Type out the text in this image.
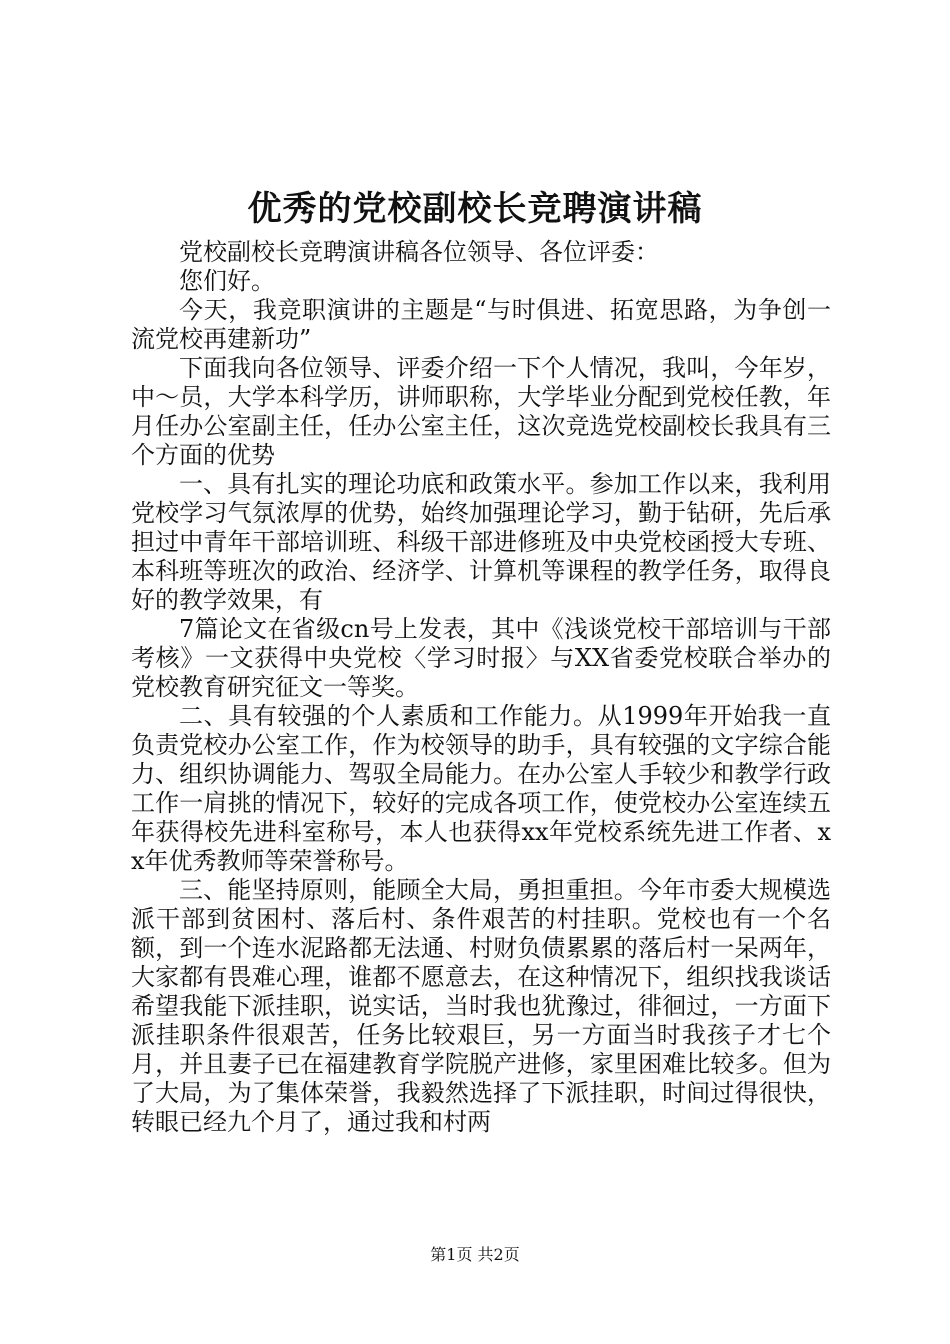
优秀的党校副校长竞聘演讲稿

党校副校长竞聘演讲稿各位领导、各位评委：

您们好。

今天，我竞职演讲的主题是“与时俱进、拓宽思路，为争创一流党校再建新功”

下面我向各位领导、评委介绍一下个人情况，我叫，今年岁，中～员，大学本科学历，讲师职称，大学毕业分配到党校任教，年月任办公室副主任，任办公室主任，这次竞选党校副校长我具有三个方面的优势

一、具有扎实的理论功底和政策水平。参加工作以来，我利用党校学习气氛浓厚的优势，始终加强理论学习，勤于钻研，先后承担过中青年干部培训班、科级干部进修班及中央党校函授大专班、本科班等班次的政治、经济学、计算机等课程的教学任务，取得良好的教学效果，有

7篇论文在省级cn号上发表，其中《浅谈党校干部培训与干部考核》一文获得中央党校〈学习时报〉与XX省委党校联合举办的党校教育研究征文一等奖。

二、具有较强的个人素质和工作能力。从1999年开始我一直负责党校办公室工作，作为校领导的助手，具有较强的文字综合能力、组织协调能力、驾驭全局能力。在办公室人手较少和教学行政工作一肩挑的情况下，较好的完成各项工作，使党校办公室连续五年获得校先进科室称号，本人也获得xx年党校系统先进工作者、xx年优秀教师等荣誉称号。

三、能坚持原则，能顾全大局，勇担重担。今年市委大规模选派干部到贫困村、落后村、条件艰苦的村挂职。党校也有一个名额，到一个连水泥路都无法通、村财负债累累的落后村一呆两年，大家都有畏难心理，谁都不愿意去，在这种情况下，组织找我谈话希望我能下派挂职，说实话，当时我也犹豫过，徘徊过，一方面下派挂职条件很艰苦，任务比较艰巨，另一方面当时我孩子才七个月，并且妻子已在福建教育学院脱产进修，家里困难比较多。但为了大局，为了集体荣誉，我毅然选择了下派挂职，时间过得很快，转眼已经九个月了，通过我和村两

第1页 共2页
